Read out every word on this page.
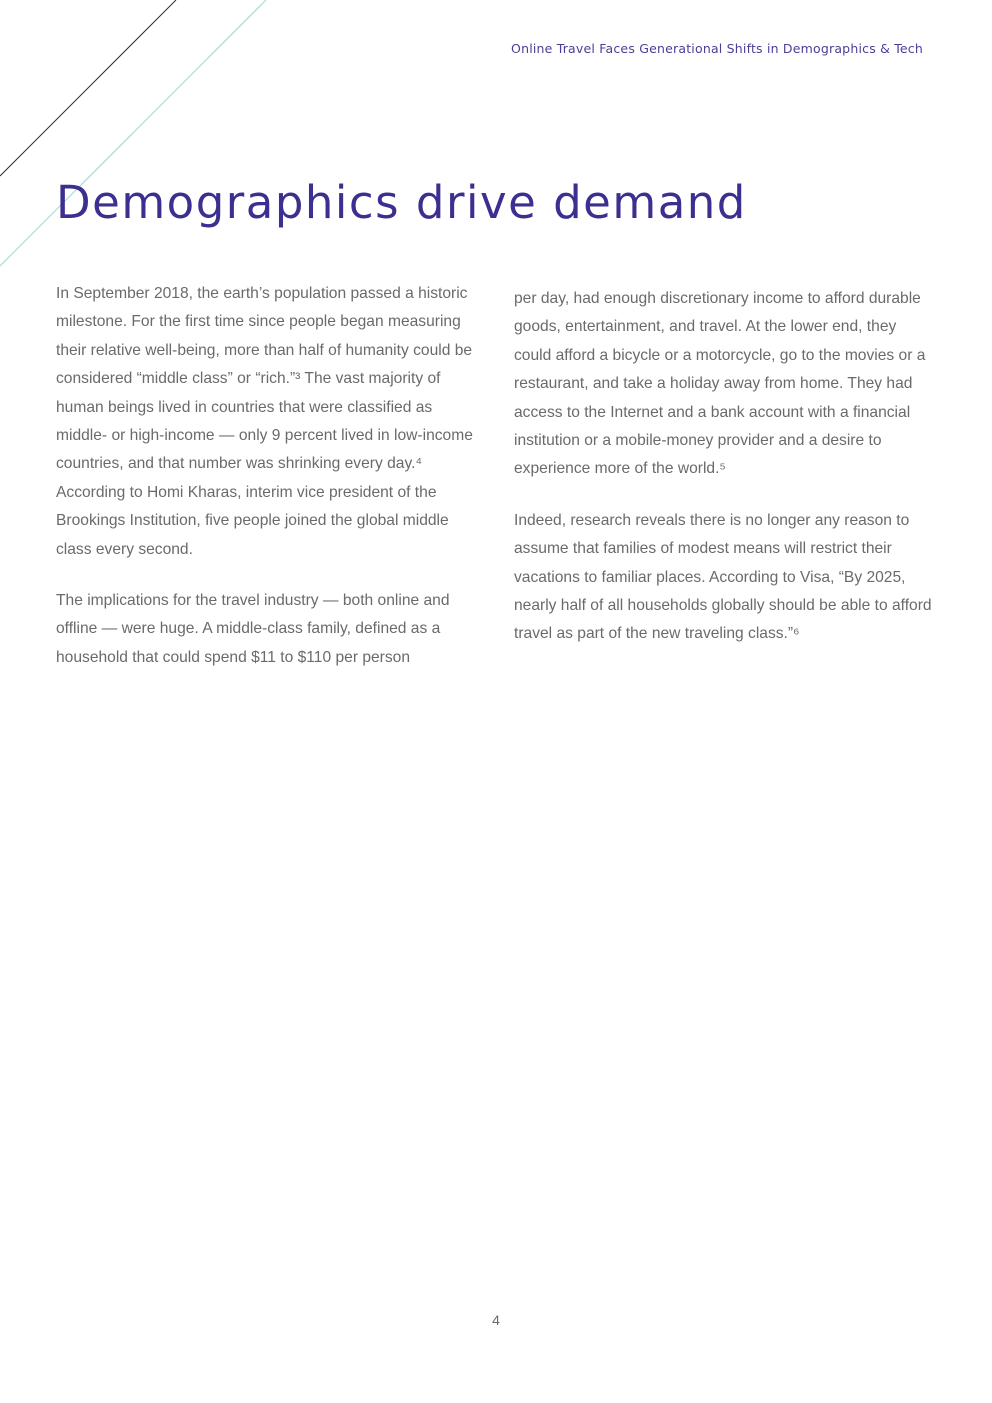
Online Travel Faces Generational Shifts in Demographics & Tech
Demographics drive demand

In September 2018, the earth’s population passed a historic milestone. For the first time since people began measuring their relative well-being, more than half of humanity could be considered “middle class” or “rich.”³ The vast majority of human beings lived in countries that were classified as middle- or high-income — only 9 percent lived in low-income countries, and that number was shrinking every day.⁴ According to Homi Kharas, interim vice president of the Brookings Institution, five people joined the global middle class every second.

The implications for the travel industry — both online and offline — were huge. A middle-class family, defined as a household that could spend $11 to $110 per person

per day, had enough discretionary income to afford durable goods, entertainment, and travel. At the lower end, they could afford a bicycle or a motorcycle, go to the movies or a restaurant, and take a holiday away from home. They had access to the Internet and a bank account with a financial institution or a mobile-money provider and a desire to experience more of the world.⁵

Indeed, research reveals there is no longer any reason to assume that families of modest means will restrict their vacations to familiar places. According to Visa, “By 2025, nearly half of all households globally should be able to afford travel as part of the new traveling class.”⁶

4
